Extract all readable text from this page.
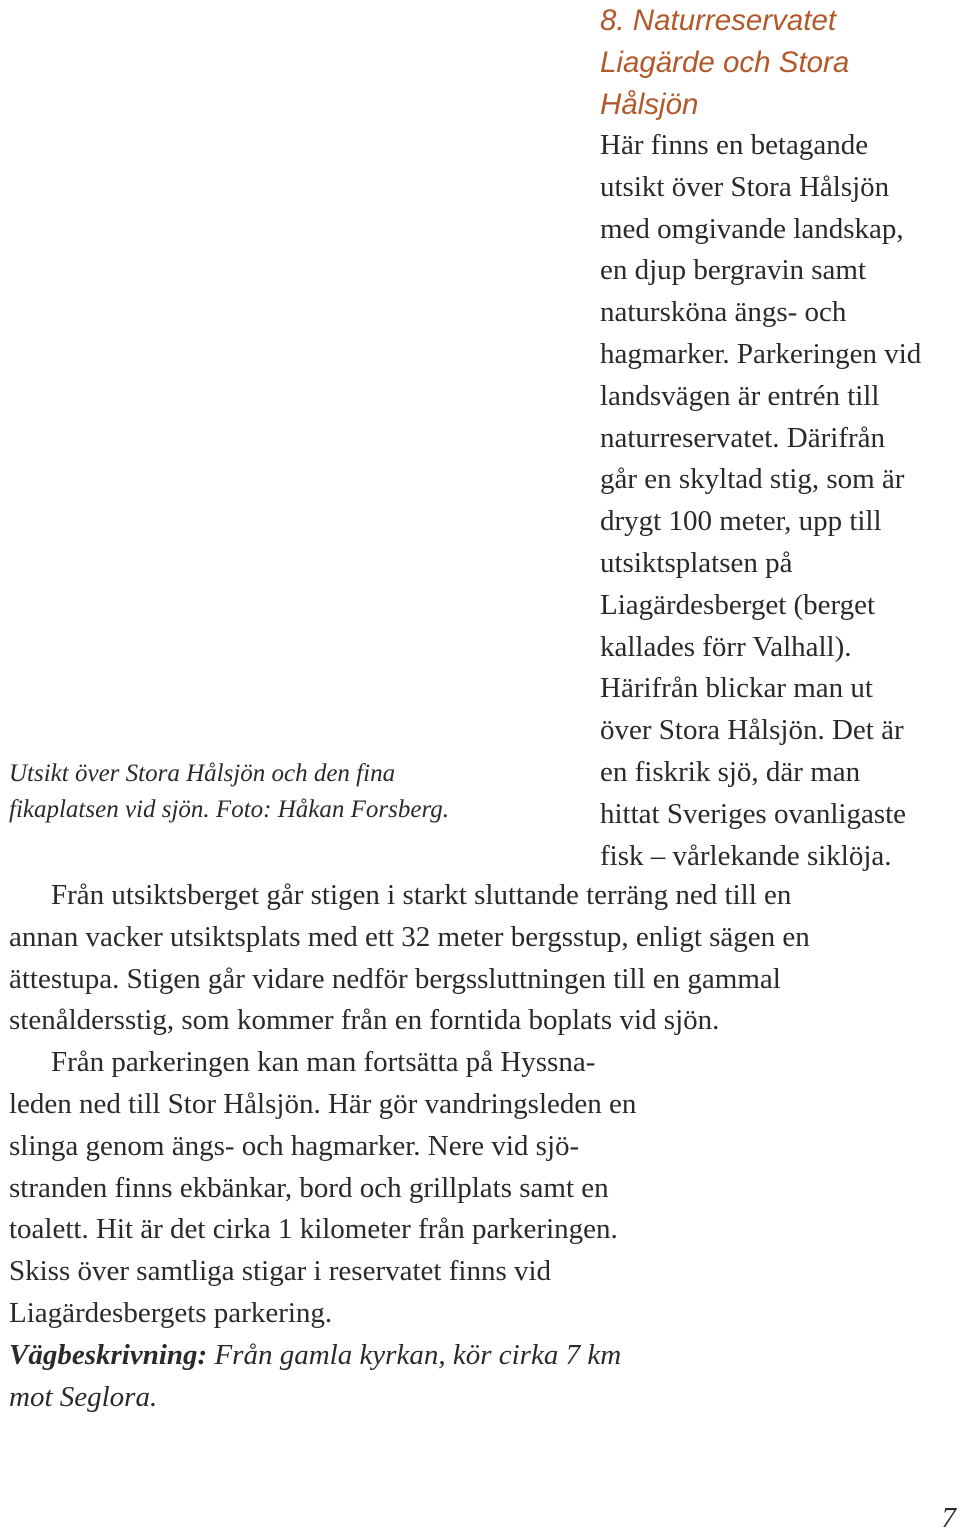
8. Naturreservatet
Liagärde och Stora
Hålsjön
Här finns en betagande
utsikt över Stora Hålsjön
med omgivande landskap,
en djup bergravin samt
natursköna ängs- och
hagmarker. Parkeringen vid
landsvägen är entrén till
naturreservatet. Därifrån
går en skyltad stig, som är
drygt 100 meter, upp till
utsiktsplatsen på
Liagärdesberget (berget
kallades förr Valhall).
Härifrån blickar man ut
över Stora Hålsjön. Det är
en fiskrik sjö, där man
hittat Sveriges ovanligaste
fisk – vårlekande siklöja.
Utsikt över Stora Hålsjön och den fina
fikaplatsen vid sjön. Foto: Håkan Forsberg.
Från utsiktsberget går stigen i starkt sluttande terräng ned till en
annan vacker utsiktsplats med ett 32 meter bergsstup, enligt sägen en
ättestupa. Stigen går vidare nedför bergssluttningen till en gammal
stenåldersstig, som kommer från en forntida boplats vid sjön.
Från parkeringen kan man fortsätta på Hyssna-
leden ned till Stor Hålsjön. Här gör vandringsleden en
slinga genom ängs- och hagmarker. Nere vid sjö-
stranden finns ekbänkar, bord och grillplats samt en
toalett. Hit är det cirka 1 kilometer från parkeringen.
Skiss över samtliga stigar i reservatet finns vid
Liagärdesbergets parkering.
Vägbeskrivning: Från gamla kyrkan, kör cirka 7 km
mot Seglora.
7
